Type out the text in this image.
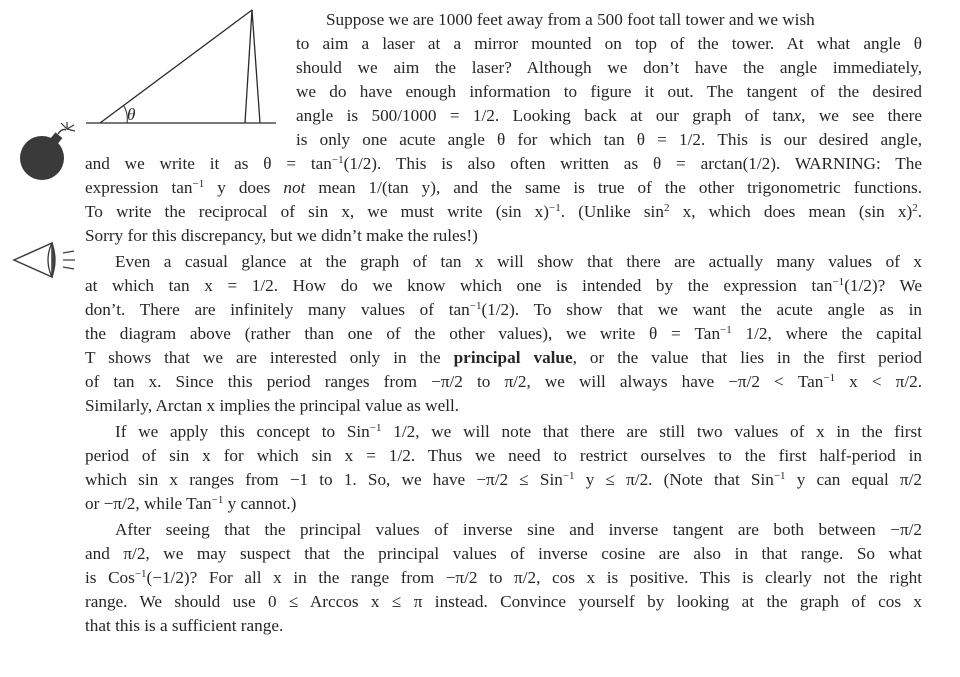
θ
Suppose we are 1000 feet away from a 500 foot tall tower and we wish
to aim a laser at a mirror mounted on top of the tower. At what angle θ
should we aim the laser? Although we don’t have the angle immediately,
we do have enough information to figure it out. The tangent of the desired
angle is 500/1000 = 1/2. Looking back at our graph of tanx, we see there
is only one acute angle θ for which tan θ = 1/2. This is our desired angle,
and we write it as $\theta = \tan^{-1}(1/2)$. This is also often written as θ = arctan(1/2). WARNING: The
expression $\tan^{-1} y$ does not mean 1/(tan y), and the same is true of the other trigonometric functions.
To write the reciprocal of sin x, we must write (sin x)$^{-1}$. (Unlike $\sin^2 x$, which does mean (sin x)$^2$.
Sorry for this discrepancy, but we didn’t make the rules!)
Even a casual glance at the graph of tan x will show that there are actually many values of x
at which tan x = 1/2. How do we know which one is intended by the expression $\tan^{-1}(1/2)$? We
don’t. There are infinitely many values of $\tan^{-1}(1/2)$. To show that we want the acute angle as in
the diagram above (rather than one of the other values), we write θ = Tan$^{-1}$ 1/2, where the capital
T shows that we are interested only in the principal value, or the value that lies in the first period
of tan x. Since this period ranges from −π/2 to π/2, we will always have −π/2 < Tan$^{-1}$ x < π/2.
Similarly, Arctan x implies the principal value as well.
If we apply this concept to Sin$^{-1}$ 1/2, we will note that there are still two values of x in the first
period of sin x for which sin x = 1/2. Thus we need to restrict ourselves to the first half-period in
which sin x ranges from −1 to 1. So, we have −π/2 ≤ Sin$^{-1}$ y ≤ π/2. (Note that Sin$^{-1}$ y can equal π/2
or −π/2, while Tan$^{-1}$ y cannot.)
After seeing that the principal values of inverse sine and inverse tangent are both between −π/2
and π/2, we may suspect that the principal values of inverse cosine are also in that range. So what
is Cos$^{-1}$(−1/2)? For all x in the range from −π/2 to π/2, cos x is positive. This is clearly not the right
range. We should use 0 ≤ Arccos x ≤ π instead. Convince yourself by looking at the graph of cos x
that this is a sufficient range.
